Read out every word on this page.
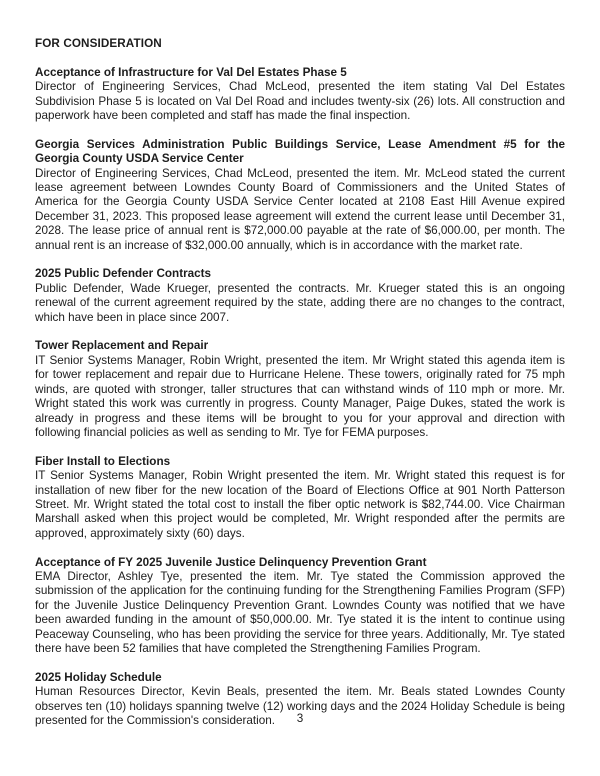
FOR CONSIDERATION
Acceptance of Infrastructure for Val Del Estates Phase 5

Director of Engineering Services, Chad McLeod, presented the item stating Val Del Estates Subdivision Phase 5 is located on Val Del Road and includes twenty-six (26) lots. All construction and paperwork have been completed and staff has made the final inspection.

Georgia Services Administration Public Buildings Service, Lease Amendment #5 for the Georgia County USDA Service Center

Director of Engineering Services, Chad McLeod, presented the item. Mr. McLeod stated the current lease agreement between Lowndes County Board of Commissioners and the United States of America for the Georgia County USDA Service Center located at 2108 East Hill Avenue expired December 31, 2023. This proposed lease agreement will extend the current lease until December 31, 2028. The lease price of annual rent is $72,000.00 payable at the rate of $6,000.00, per month. The annual rent is an increase of $32,000.00 annually, which is in accordance with the market rate.

2025 Public Defender Contracts

Public Defender, Wade Krueger, presented the contracts. Mr. Krueger stated this is an ongoing renewal of the current agreement required by the state, adding there are no changes to the contract, which have been in place since 2007.

Tower Replacement and Repair

IT Senior Systems Manager, Robin Wright, presented the item. Mr Wright stated this agenda item is for tower replacement and repair due to Hurricane Helene. These towers, originally rated for 75 mph winds, are quoted with stronger, taller structures that can withstand winds of 110 mph or more. Mr. Wright stated this work was currently in progress. County Manager, Paige Dukes, stated the work is already in progress and these items will be brought to you for your approval and direction with following financial policies as well as sending to Mr. Tye for FEMA purposes.

Fiber Install to Elections

IT Senior Systems Manager, Robin Wright presented the item. Mr. Wright stated this request is for installation of new fiber for the new location of the Board of Elections Office at 901 North Patterson Street. Mr. Wright stated the total cost to install the fiber optic network is $82,744.00. Vice Chairman Marshall asked when this project would be completed, Mr. Wright responded after the permits are approved, approximately sixty (60) days.

Acceptance of FY 2025 Juvenile Justice Delinquency Prevention Grant

EMA Director, Ashley Tye, presented the item. Mr. Tye stated the Commission approved the submission of the application for the continuing funding for the Strengthening Families Program (SFP) for the Juvenile Justice Delinquency Prevention Grant. Lowndes County was notified that we have been awarded funding in the amount of $50,000.00. Mr. Tye stated it is the intent to continue using Peaceway Counseling, who has been providing the service for three years. Additionally, Mr. Tye stated there have been 52 families that have completed the Strengthening Families Program.

2025 Holiday Schedule

Human Resources Director, Kevin Beals, presented the item. Mr. Beals stated Lowndes County observes ten (10) holidays spanning twelve (12) working days and the 2024 Holiday Schedule is being presented for the Commission's consideration.	3
